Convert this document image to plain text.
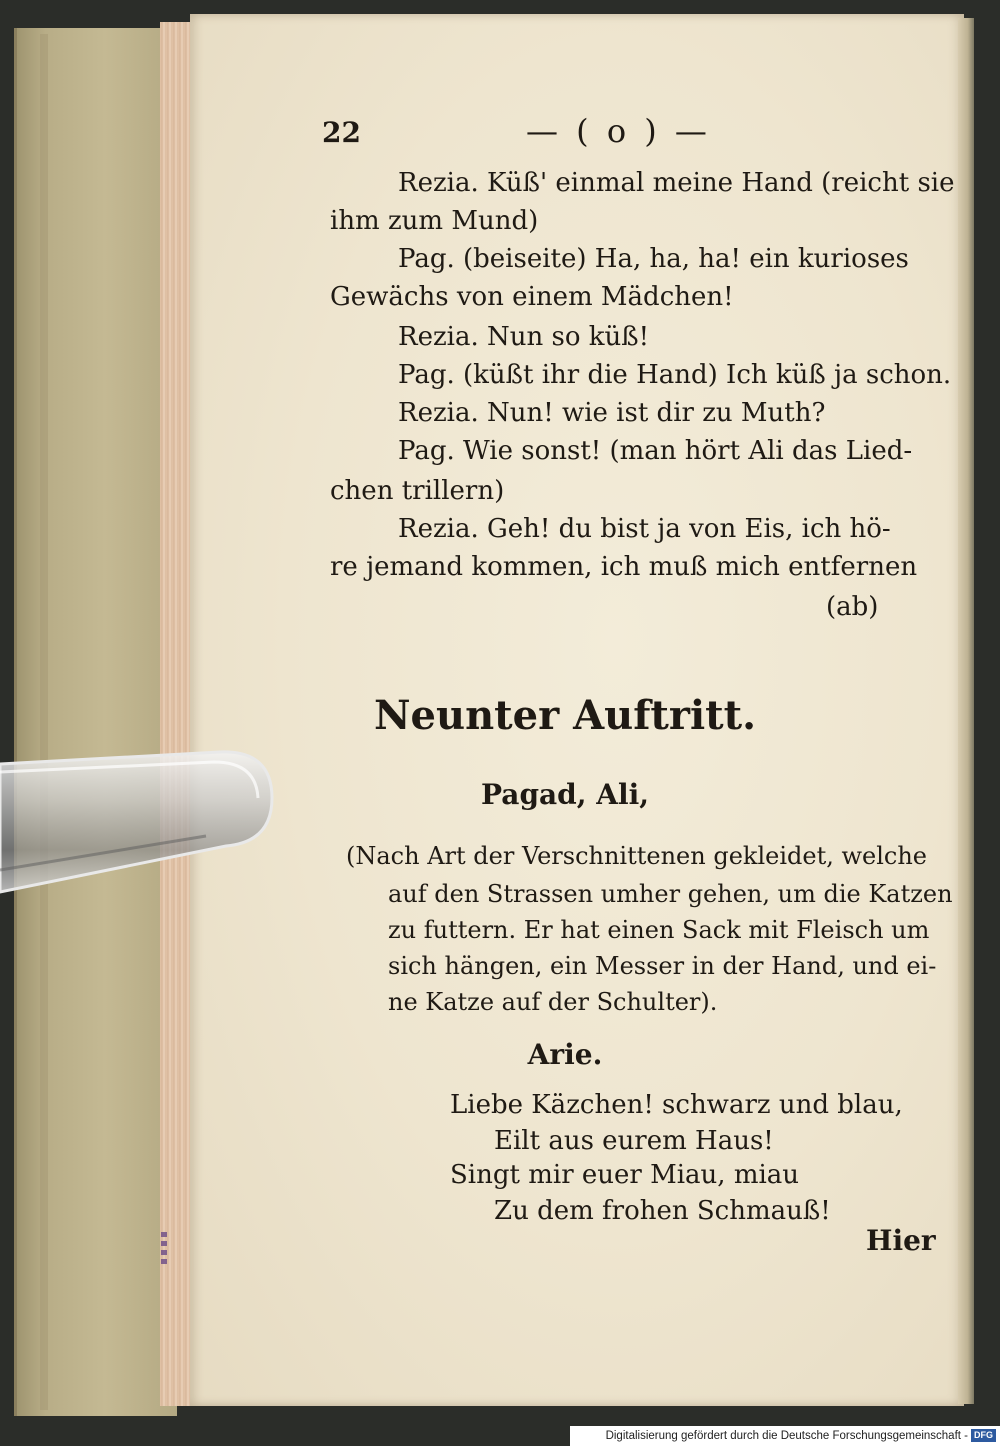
22	— ( o ) —
Rezia. Küß' einmal meine Hand (reicht sie
ihm zum Mund)
Pag. (beiseite) Ha, ha, ha! ein kurioses
Gewächs von einem Mädchen!
Rezia. Nun so küß!
Pag. (küßt ihr die Hand) Ich küß ja schon.
Rezia. Nun! wie ist dir zu Muth?
Pag. Wie sonst! (man hört Ali das Lied-
chen trillern)
Rezia. Geh! du bist ja von Eis, ich hö-
re jemand kommen, ich muß mich entfernen
(ab)
Neunter Auftritt.
Pagad, Ali,
(Nach Art der Verschnittenen gekleidet, welche
auf den Strassen umher gehen, um die Katzen
zu futtern. Er hat einen Sack mit Fleisch um
sich hängen, ein Messer in der Hand, und ei-
ne Katze auf der Schulter).
Arie.
Liebe Käzchen! schwarz und blau,
Eilt aus eurem Haus!
Singt mir euer Miau, miau
Zu dem frohen Schmauß!
Hier
Digitalisierung gefördert durch die Deutsche Forschungsgemeinschaft - DFG
